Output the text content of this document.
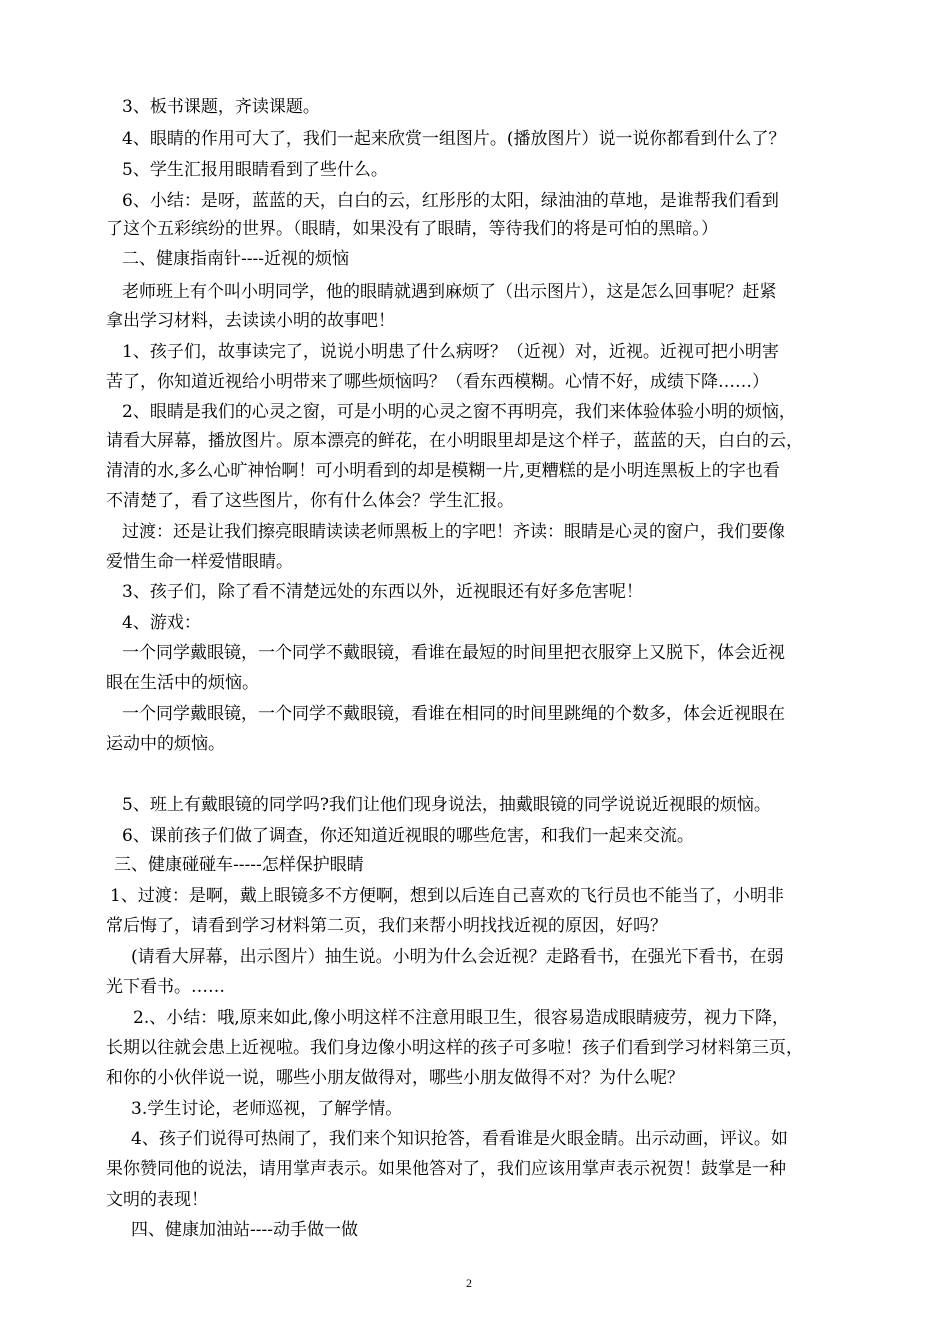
3、板书课题，齐读课题。
4、眼睛的作用可大了，我们一起来欣赏一组图片。(播放图片）说一说你都看到什么了？
5、学生汇报用眼睛看到了些什么。
6、小结：是呀，蓝蓝的天，白白的云，红彤彤的太阳，绿油油的草地，是谁帮我们看到
了这个五彩缤纷的世界。（眼睛，如果没有了眼睛，等待我们的将是可怕的黑暗。）
二、健康指南针----近视的烦恼
老师班上有个叫小明同学，他的眼睛就遇到麻烦了（出示图片），这是怎么回事呢？赶紧
拿出学习材料，去读读小明的故事吧！
1、孩子们，故事读完了，说说小明患了什么病呀？（近视）对，近视。近视可把小明害
苦了，你知道近视给小明带来了哪些烦恼吗？（看东西模糊。心情不好，成绩下降……）
2、眼睛是我们的心灵之窗，可是小明的心灵之窗不再明亮，我们来体验体验小明的烦恼，
请看大屏幕，播放图片。原本漂亮的鲜花，在小明眼里却是这个样子，蓝蓝的天，白白的云，
清清的水,多么心旷神怡啊！可小明看到的却是模糊一片,更糟糕的是小明连黑板上的字也看
不清楚了，看了这些图片，你有什么体会？学生汇报。
过渡：还是让我们擦亮眼睛读读老师黑板上的字吧！齐读：眼睛是心灵的窗户，我们要像
爱惜生命一样爱惜眼睛。
3、孩子们，除了看不清楚远处的东西以外，近视眼还有好多危害呢！
4、游戏：
一个同学戴眼镜，一个同学不戴眼镜，看谁在最短的时间里把衣服穿上又脱下，体会近视
眼在生活中的烦恼。
一个同学戴眼镜，一个同学不戴眼镜，看谁在相同的时间里跳绳的个数多，体会近视眼在
运动中的烦恼。
5、班上有戴眼镜的同学吗?我们让他们现身说法，抽戴眼镜的同学说说近视眼的烦恼。
6、课前孩子们做了调查，你还知道近视眼的哪些危害，和我们一起来交流。
三、健康碰碰车-----怎样保护眼睛
1、过渡：是啊，戴上眼镜多不方便啊，想到以后连自己喜欢的飞行员也不能当了，小明非
常后悔了，请看到学习材料第二页，我们来帮小明找找近视的原因，好吗？
(请看大屏幕，出示图片）抽生说。小明为什么会近视？走路看书，在强光下看书，在弱
光下看书。……
2.、小结：哦,原来如此,像小明这样不注意用眼卫生，很容易造成眼睛疲劳，视力下降，
长期以往就会患上近视啦。我们身边像小明这样的孩子可多啦！孩子们看到学习材料第三页，
和你的小伙伴说一说，哪些小朋友做得对，哪些小朋友做得不对？为什么呢？
3.学生讨论，老师巡视，了解学情。
4、孩子们说得可热闹了，我们来个知识抢答，看看谁是火眼金睛。出示动画，评议。如
果你赞同他的说法，请用掌声表示。如果他答对了，我们应该用掌声表示祝贺！鼓掌是一种
文明的表现！
四、健康加油站----动手做一做
2
